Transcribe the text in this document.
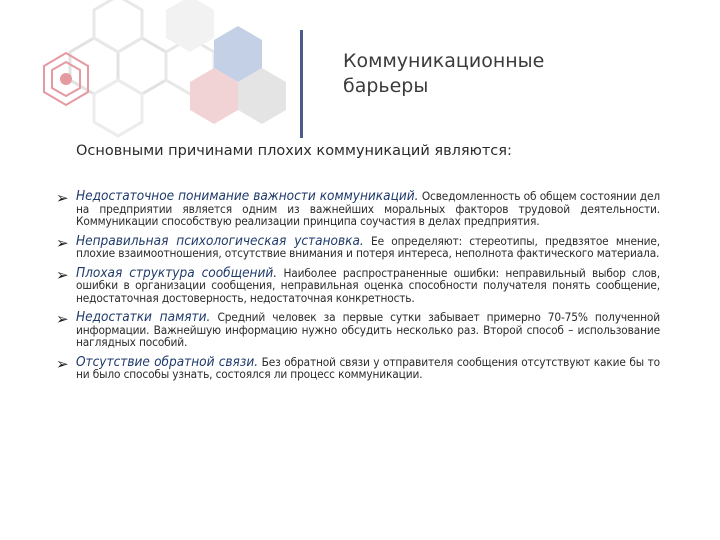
Коммуникационные
барьеры
Основными причинами плохих коммуникаций являются:
➢ Недостаточное понимание важности коммуникаций. Осведомленность об общем состоянии дел на предприятии является одним из важнейших моральных факторов трудовой деятельности. Коммуникации способствую реализации принципа соучастия в делах предприятия.

➢ Неправильная психологическая установка. Ее определяют: стереотипы, предвзятое мнение, плохие взаимоотношения, отсутствие внимания и потеря интереса, неполнота фактического материала.

➢ Плохая структура сообщений. Наиболее распространенные ошибки: неправильный выбор слов, ошибки в организации сообщения, неправильная оценка способности получателя понять сообщение, недостаточная достоверность, недостаточная конкретность.

➢ Недостатки памяти. Средний человек за первые сутки забывает примерно 70-75% полученной информации. Важнейшую информацию нужно обсудить несколько раз. Второй способ – использование наглядных пособий.

➢ Отсутствие обратной связи. Без обратной связи у отправителя сообщения отсутствуют какие бы то ни было способы узнать, состоялся ли процесс коммуникации.
